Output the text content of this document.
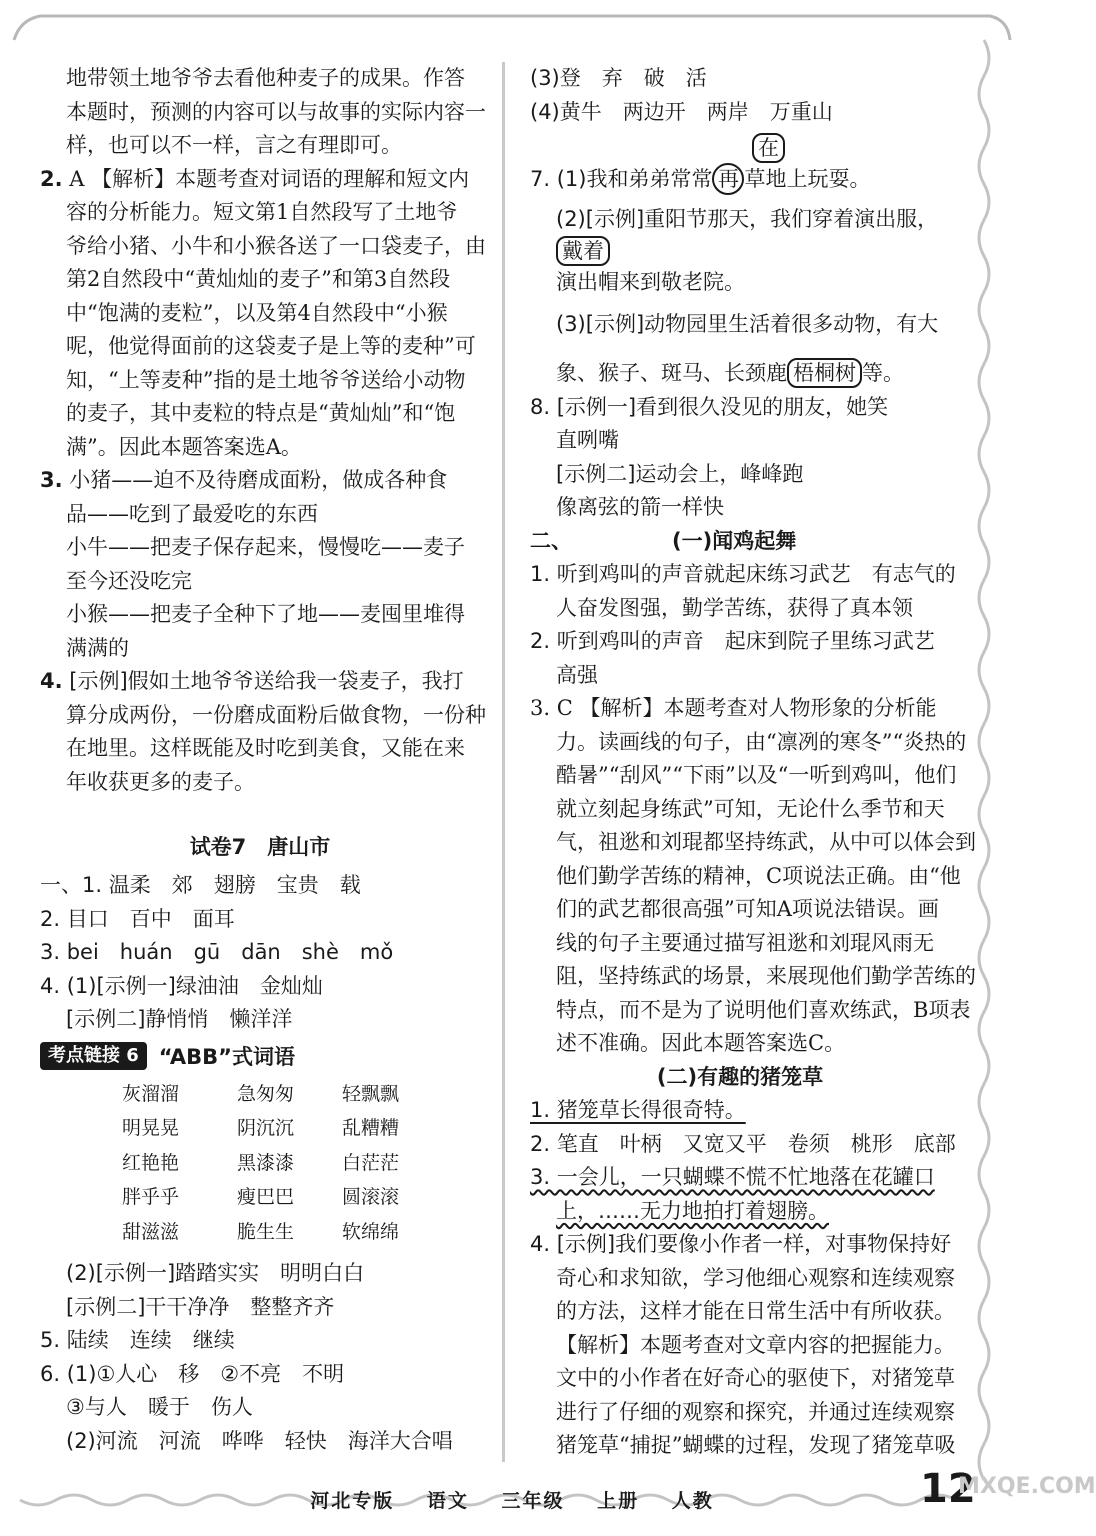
地带领土地爷爷去看他种麦子的成果。作答
本题时，预测的内容可以与故事的实际内容一
样，也可以不一样，言之有理即可。
2. A 【解析】本题考查对词语的理解和短文内
容的分析能力。短文第1自然段写了土地爷
爷给小猪、小牛和小猴各送了一口袋麦子，由
第2自然段中“黄灿灿的麦子”和第3自然段
中“饱满的麦粒”，以及第4自然段中“小猴
呢，他觉得面前的这袋麦子是上等的麦种”可
知，“上等麦种”指的是土地爷爷送给小动物
的麦子，其中麦粒的特点是“黄灿灿”和“饱
满”。因此本题答案选A。
3. 小猪——迫不及待磨成面粉，做成各种食
品——吃到了最爱吃的东西
小牛——把麦子保存起来，慢慢吃——麦子
至今还没吃完
小猴——把麦子全种下了地——麦囤里堆得
满满的
4. [示例]假如土地爷爷送给我一袋麦子，我打
算分成两份，一份磨成面粉后做食物，一份种
在地里。这样既能及时吃到美食，又能在来
年收获更多的麦子。
试卷7　唐山市
一、1. 温柔　郊　翅膀　宝贵　载
2. 目口　百中　面耳
3. bei　huán　gū　dān　shè　mǒ
4. (1)[示例一]绿油油　金灿灿
[示例二]静悄悄　懒洋洋
考点链接 6 “ABB”式词语
灰溜溜	急匆匆	轻飘飘
明晃晃	阴沉沉	乱糟糟
红艳艳	黑漆漆	白茫茫
胖乎乎	瘦巴巴	圆滚滚
甜滋滋	脆生生	软绵绵
(2)[示例一]踏踏实实　明明白白
[示例二]干干净净　整整齐齐
5. 陆续　连续　继续
6. (1)①人心　移　②不亮　不明
③与人　暖于　伤人
(2)河流　河流　哗哗　轻快　海洋大合唱
(3)登　弃　破　活
(4)黄牛　两边开　两岸　万重山
在
7. (1)我和弟弟常常 再 草地上玩耍。
(2)[示例]重阳节那天，我们穿着演出服，
戴着
演出帽来到敬老院。
(3)[示例]动物园里生活着很多动物，有大
象、猴子、斑马、长颈鹿 梧桐树 等。
8. [示例一]看到很久没见的朋友，她笑
直咧嘴
[示例二]运动会上，峰峰跑
像离弦的箭一样快
二、	(一)闻鸡起舞
1. 听到鸡叫的声音就起床练习武艺　有志气的
人奋发图强，勤学苦练，获得了真本领
2. 听到鸡叫的声音　起床到院子里练习武艺
高强
3. C 【解析】本题考查对人物形象的分析能
力。读画线的句子，由“凛冽的寒冬”“炎热的
酷暑”“刮风”“下雨”以及“一听到鸡叫，他们
就立刻起身练武”可知，无论什么季节和天
气，祖逖和刘琨都坚持练武，从中可以体会到
他们勤学苦练的精神，C项说法正确。由“他
们的武艺都很高强”可知A项说法错误。画
线的句子主要通过描写祖逖和刘琨风雨无
阻，坚持练武的场景，来展现他们勤学苦练的
特点，而不是为了说明他们喜欢练武，B项表
述不准确。因此本题答案选C。
(二)有趣的猪笼草
1. 猪笼草长得很奇特。
2. 笔直　叶柄　又宽又平　卷须　桃形　底部
3. 一会儿，一只蝴蝶不慌不忙地落在花罐口
上，……无力地拍打着翅膀。
4. [示例]我们要像小作者一样，对事物保持好
奇心和求知欲，学习他细心观察和连续观察
的方法，这样才能在日常生活中有所收获。
【解析】本题考查对文章内容的把握能力。
文中的小作者在好奇心的驱使下，对猪笼草
进行了仔细的观察和探究，并通过连续观察
猪笼草“捕捉”蝴蝶的过程，发现了猪笼草吸
河北专版 语文 三年级 上册 人教	12
MXQE.COM
